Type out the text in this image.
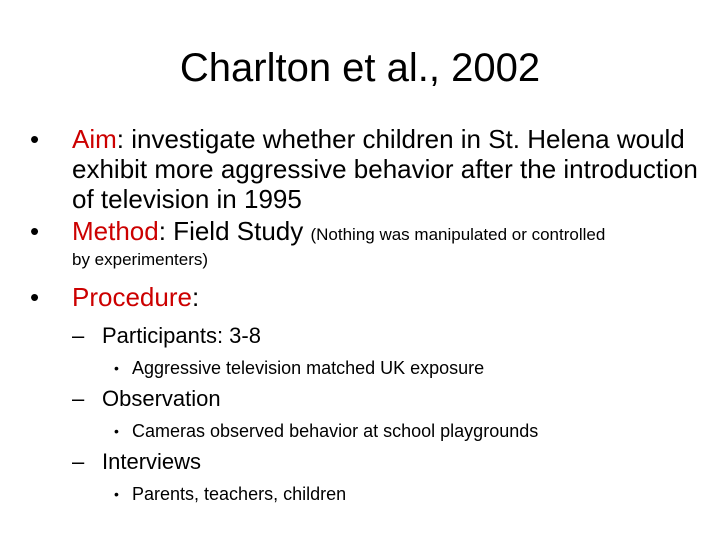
Charlton et al., 2002
•	Aim: investigate whether children in St. Helena would exhibit more aggressive behavior after the introduction of television in 1995
•	Method: Field Study (Nothing was manipulated or controlled
by experimenters)
•	Procedure:
– Participants: 3-8
• Aggressive television matched UK exposure
– Observation
• Cameras observed behavior at school playgrounds
– Interviews
• Parents, teachers, children
